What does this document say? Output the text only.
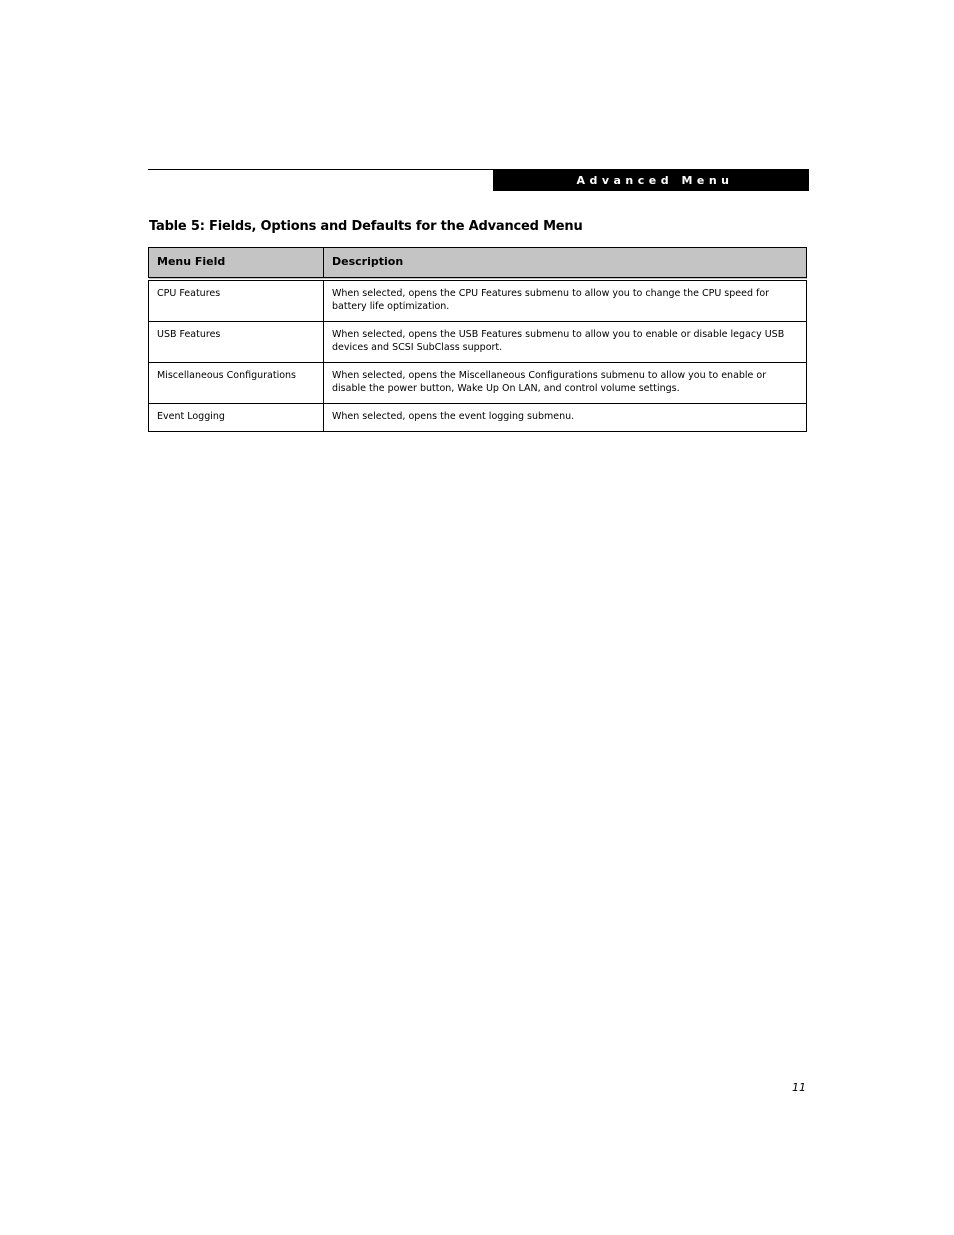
Advanced Menu
Table 5: Fields, Options and Defaults for the Advanced Menu
Menu Field	Description
CPU Features	When selected, opens the CPU Features submenu to allow you to change the CPU speed for battery life optimization.
USB Features	When selected, opens the USB Features submenu to allow you to enable or disable legacy USB devices and SCSI SubClass support.
Miscellaneous Configurations	When selected, opens the Miscellaneous Configurations submenu to allow you to enable or disable the power button, Wake Up On LAN, and control volume settings.
Event Logging	When selected, opens the event logging submenu.
11
